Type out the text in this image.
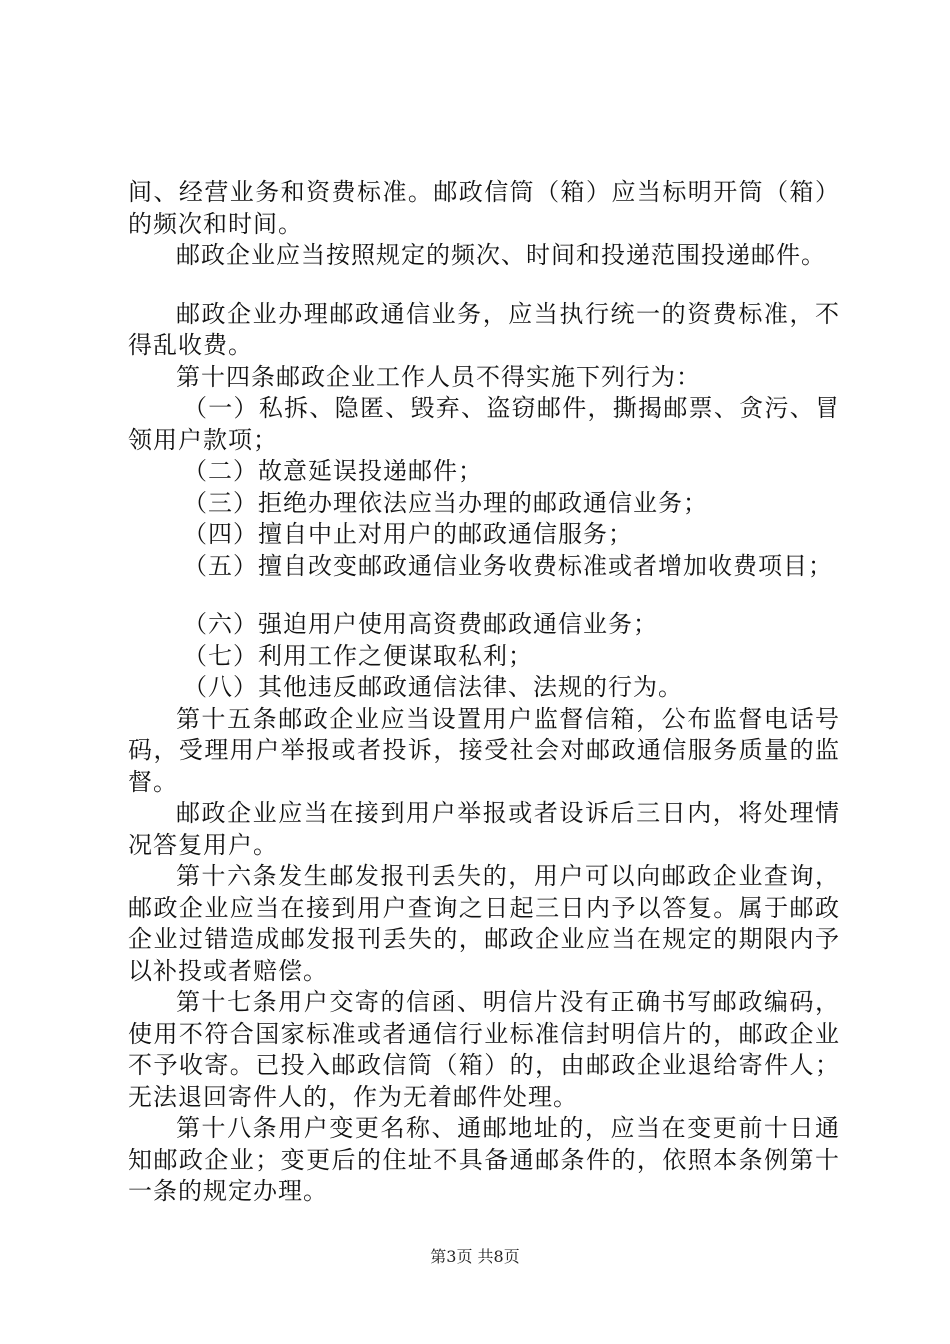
间、经营业务和资费标准。邮政信筒（箱）应当标明开筒（箱）的频次和时间。

邮政企业应当按照规定的频次、时间和投递范围投递邮件。

邮政企业办理邮政通信业务，应当执行统一的资费标准，不得乱收费。

第十四条邮政企业工作人员不得实施下列行为：

（一）私拆、隐匿、毁弃、盗窃邮件，撕揭邮票、贪污、冒领用户款项；

（二）故意延误投递邮件；

（三）拒绝办理依法应当办理的邮政通信业务；

（四）擅自中止对用户的邮政通信服务；

（五）擅自改变邮政通信业务收费标准或者增加收费项目；

（六）强迫用户使用高资费邮政通信业务；

（七）利用工作之便谋取私利；

（八）其他违反邮政通信法律、法规的行为。

第十五条邮政企业应当设置用户监督信箱，公布监督电话号码，受理用户举报或者投诉，接受社会对邮政通信服务质量的监督。

邮政企业应当在接到用户举报或者设诉后三日内，将处理情况答复用户。

第十六条发生邮发报刊丢失的，用户可以向邮政企业查询，邮政企业应当在接到用户查询之日起三日内予以答复。属于邮政企业过错造成邮发报刊丢失的，邮政企业应当在规定的期限内予以补投或者赔偿。

第十七条用户交寄的信函、明信片没有正确书写邮政编码，使用不符合国家标准或者通信行业标准信封明信片的，邮政企业不予收寄。已投入邮政信筒（箱）的，由邮政企业退给寄件人；无法退回寄件人的，作为无着邮件处理。

第十八条用户变更名称、通邮地址的，应当在变更前十日通知邮政企业；变更后的住址不具备通邮条件的，依照本条例第十一条的规定办理。

第3页 共8页
